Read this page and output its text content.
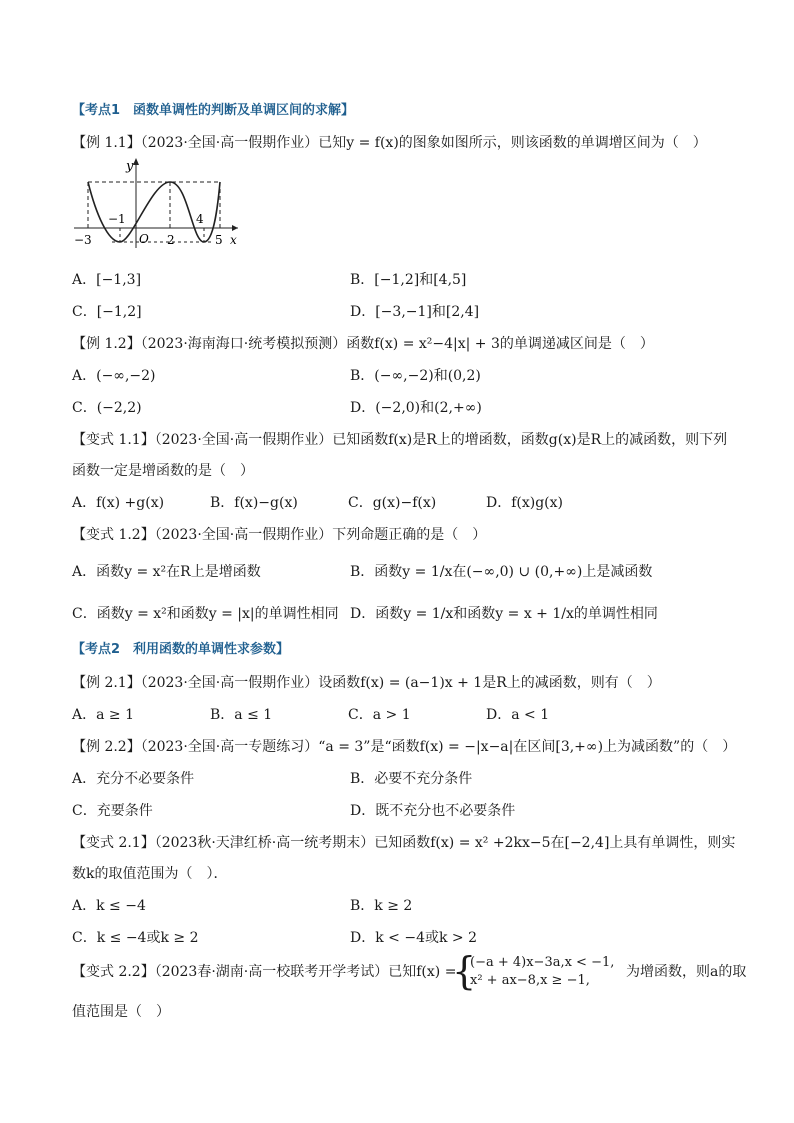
【考点1　函数单调性的判断及单调区间的求解】
【例 1.1】（2023·全国·高一假期作业）已知y = f(x)的图象如图所示，则该函数的单调增区间为（　）
y
x
O
−1
2
4
−3	5
A．[−1,3]	B．[−1,2]和[4,5]
C．[−1,2]	D．[−3,−1]和[2,4]
【例 1.2】（2023·海南海口·统考模拟预测）函数f(x) = x²−4|x| + 3的单调递减区间是（　）
A．(−∞,−2)	B．(−∞,−2)和(0,2)
C．(−2,2)	D．(−2,0)和(2,+∞)
【变式 1.1】（2023·全国·高一假期作业）已知函数f(x)是R上的增函数，函数g(x)是R上的减函数，则下列
函数一定是增函数的是（　）
A．f(x) +g(x)	B．f(x)−g(x)	C．g(x)−f(x)	D．f(x)g(x)
【变式 1.2】（2023·全国·高一假期作业）下列命题正确的是（　）
A．函数y = x²在R上是增函数	B．函数y = 1/x在(−∞,0) ∪ (0,+∞)上是减函数
C．函数y = x²和函数y = |x|的单调性相同 D．函数y = 1/x和函数y = x + 1/x的单调性相同
【考点2　利用函数的单调性求参数】
【例 2.1】（2023·全国·高一假期作业）设函数f(x) = (a−1)x + 1是R上的减函数，则有（　）
A．a ≥ 1	B．a ≤ 1	C．a > 1	D．a < 1
【例 2.2】（2023·全国·高一专题练习）“a = 3”是“函数f(x) = −|x−a|在区间[3,+∞)上为减函数”的（　）
A．充分不必要条件	B．必要不充分条件
C．充要条件	D．既不充分也不必要条件
【变式 2.1】（2023秋·天津红桥·高一统考期末）已知函数f(x) = x² +2kx−5在[−2,4]上具有单调性，则实
数k的取值范围为（　）．
A．k ≤ −4	B．k ≥ 2
C．k ≤ −4或k ≥ 2	D．k < −4或k > 2
【变式 2.2】（2023春·湖南·高一校联考开学考试）已知f(x) =
{
(−a + 4)x−3a,x < −1,
x² + ax−8,x ≥ −1,
为增函数，则a的取
值范围是（　）
